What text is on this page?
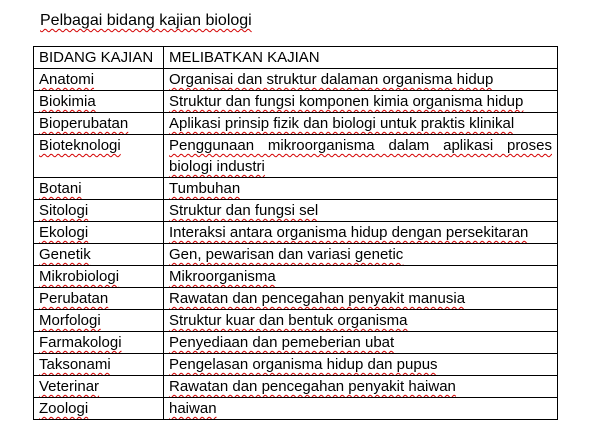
Pelbagai bidang kajian biologi
BIDANG KAJIAN	MELIBATKAN KAJIAN
Anatomi	Organisai dan struktur dalaman organisma hidup
Biokimia	Struktur dan fungsi komponen kimia organisma hidup
Bioperubatan	Aplikasi prinsip fizik dan biologi untuk praktis klinikal
Bioteknologi	Penggunaan mikroorganisma dalam aplikasi proses biologi industri
Botani	Tumbuhan
Sitologi	Struktur dan fungsi sel
Ekologi	Interaksi antara organisma hidup dengan persekitaran
Genetik	Gen, pewarisan dan variasi genetic
Mikrobiologi	Mikroorganisma
Perubatan	Rawatan dan pencegahan penyakit manusia
Morfologi	Struktur kuar dan bentuk organisma
Farmakologi	Penyediaan dan pemeberian ubat
Taksonami	Pengelasan organisma hidup dan pupus
Veterinar	Rawatan dan pencegahan penyakit haiwan
Zoologi	haiwan
